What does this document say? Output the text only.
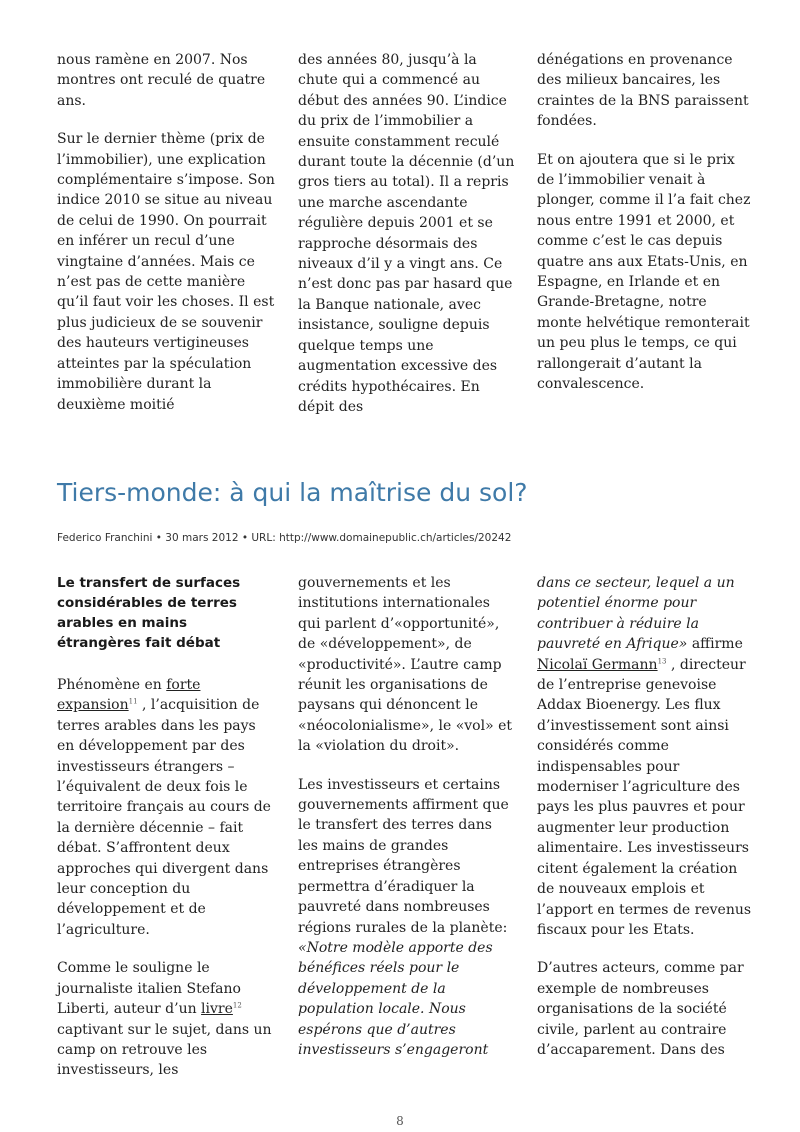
nous ramène en 2007. Nos montres ont reculé de quatre ans.

Sur le dernier thème (prix de l’immobilier), une explication complémentaire s’impose. Son indice 2010 se situe au niveau de celui de 1990. On pourrait en inférer un recul d’une vingtaine d’années. Mais ce n’est pas de cette manière qu’il faut voir les choses. Il est plus judicieux de se souvenir des hauteurs vertigineuses atteintes par la spéculation immobilière durant la deuxième moitié

des années 80, jusqu’à la chute qui a commencé au début des années 90. L’indice du prix de l’immobilier a ensuite constamment reculé durant toute la décennie (d’un gros tiers au total). Il a repris une marche ascendante régulière depuis 2001 et se rapproche désormais des niveaux d’il y a vingt ans. Ce n’est donc pas par hasard que la Banque nationale, avec insistance, souligne depuis quelque temps une augmentation excessive des crédits hypothécaires. En dépit des

dénégations en provenance des milieux bancaires, les craintes de la BNS paraissent fondées.

Et on ajoutera que si le prix de l’immobilier venait à plonger, comme il l’a fait chez nous entre 1991 et 2000, et comme c’est le cas depuis quatre ans aux Etats-Unis, en Espagne, en Irlande et en Grande-Bretagne, notre monte helvétique remonterait un peu plus le temps, ce qui rallongerait d’autant la convalescence.

Tiers-monde: à qui la maîtrise du sol?
Federico Franchini • 30 mars 2012 • URL: http://www.domainepublic.ch/articles/20242

Le transfert de surfaces considérables de terres arables en mains étrangères fait débat

Phénomène en forte expansion$^{11}$ , l’acquisition de terres arables dans les pays en développement par des investisseurs étrangers – l’équivalent de deux fois le territoire français au cours de la dernière décennie – fait débat. S’affrontent deux approches qui divergent dans leur conception du développement et de l’agriculture.

Comme le souligne le journaliste italien Stefano Liberti, auteur d’un livre$^{12}$ captivant sur le sujet, dans un camp on retrouve les investisseurs, les

gouvernements et les institutions internationales qui parlent d’«opportunité», de «développement», de «productivité». L’autre camp réunit les organisations de paysans qui dénoncent le «néocolonialisme», le «vol» et la «violation du droit».

Les investisseurs et certains gouvernements affirment que le transfert des terres dans les mains de grandes entreprises étrangères permettra d’éradiquer la pauvreté dans nombreuses régions rurales de la planète: «Notre modèle apporte des bénéfices réels pour le développement de la population locale. Nous espérons que d’autres investisseurs s’engageront

dans ce secteur, lequel a un potentiel énorme pour contribuer à réduire la pauvreté en Afrique» affirme Nicolaï Germann$^{13}$ , directeur de l’entreprise genevoise Addax Bioenergy. Les flux d’investissement sont ainsi considérés comme indispensables pour moderniser l’agriculture des pays les plus pauvres et pour augmenter leur production alimentaire. Les investisseurs citent également la création de nouveaux emplois et l’apport en termes de revenus fiscaux pour les Etats.

D’autres acteurs, comme par exemple de nombreuses organisations de la société civile, parlent au contraire d’accaparement. Dans des

8
